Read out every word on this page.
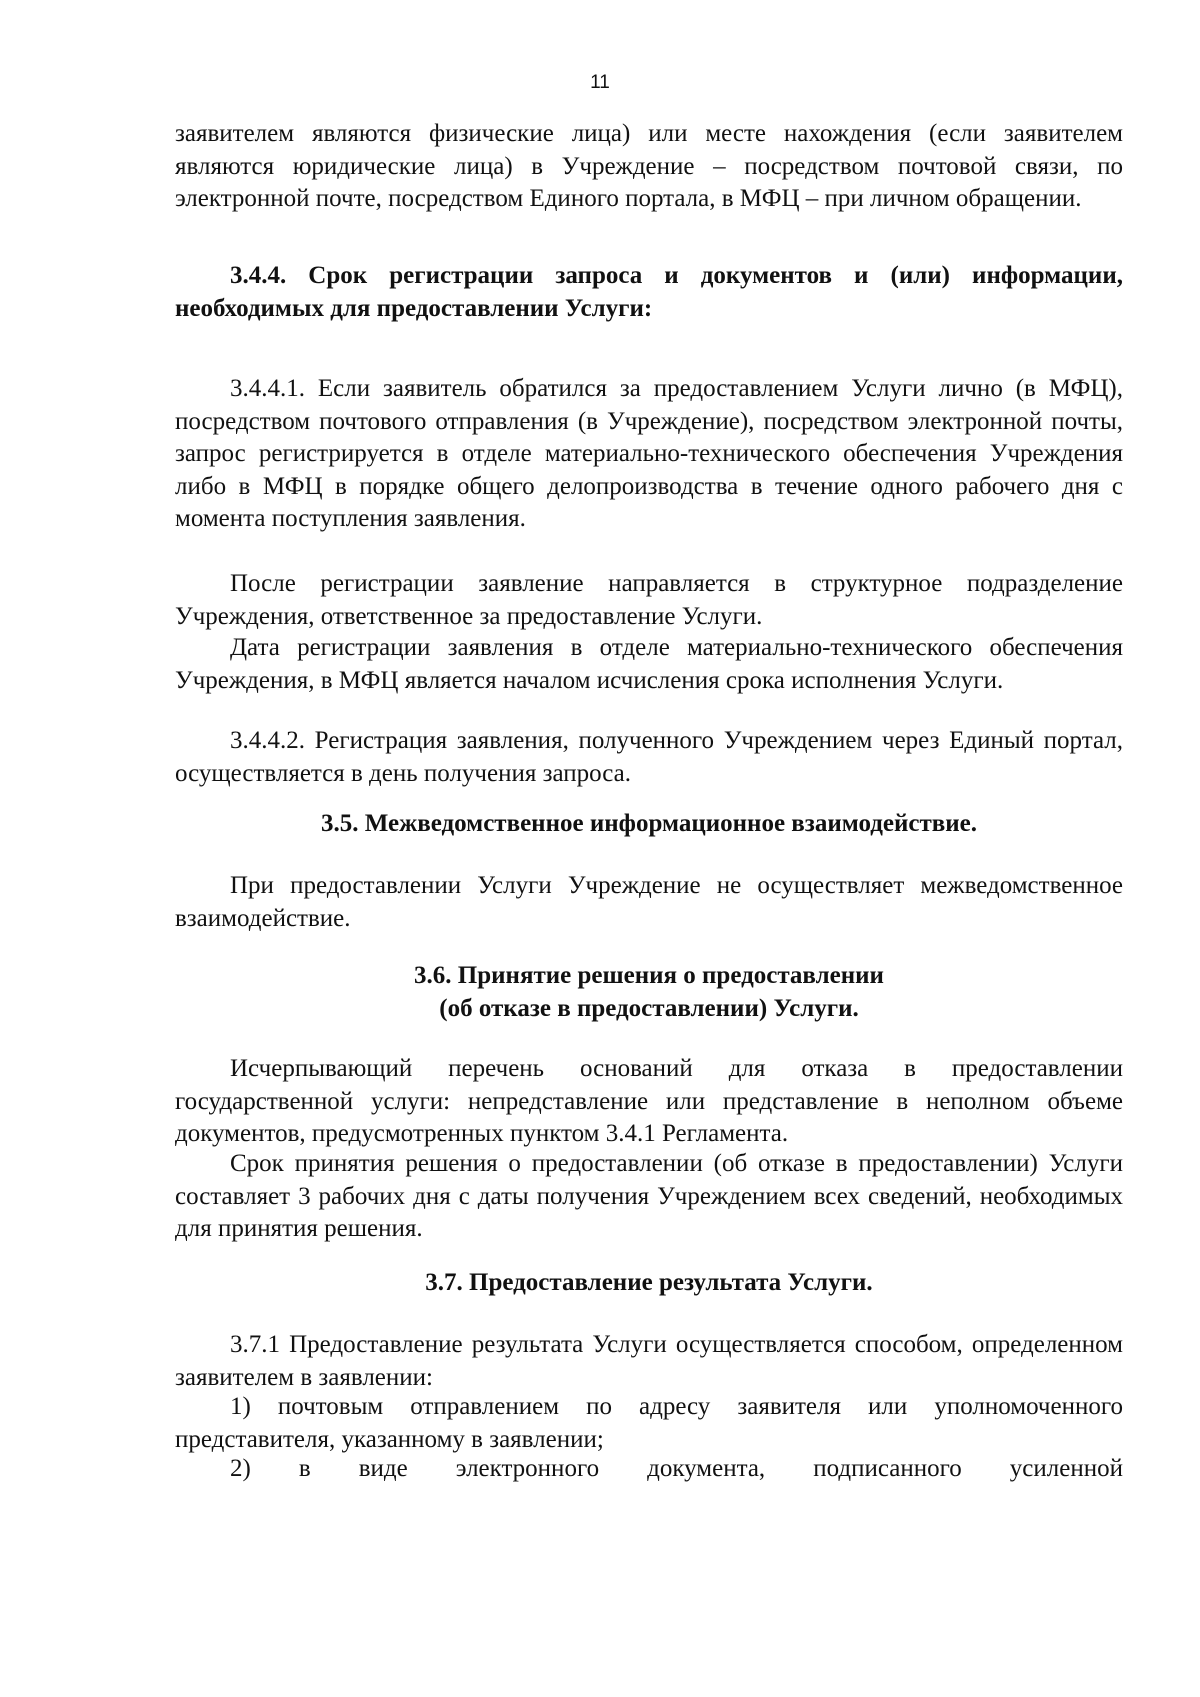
11

заявителем являются физические лица) или месте нахождения (если заявителем являются юридические лица) в Учреждение – посредством почтовой связи, по электронной почте, посредством Единого портала, в МФЦ – при личном обращении.

3.4.4. Срок регистрации запроса и документов и (или) информации, необходимых для предоставлении Услуги:

3.4.4.1. Если заявитель обратился за предоставлением Услуги лично (в МФЦ), посредством почтового отправления (в Учреждение), посредством электронной почты, запрос регистрируется в отделе материально-технического обеспечения Учреждения либо в МФЦ в порядке общего делопроизводства в течение одного рабочего дня с момента поступления заявления.

После регистрации заявление направляется в структурное подразделение Учреждения, ответственное за предоставление Услуги.

Дата регистрации заявления в отделе материально-технического обеспечения Учреждения, в МФЦ является началом исчисления срока исполнения Услуги.

3.4.4.2. Регистрация заявления, полученного Учреждением через Единый портал, осуществляется в день получения запроса.

3.5. Межведомственное информационное взаимодействие.

При предоставлении Услуги Учреждение не осуществляет межведомственное взаимодействие.

3.6. Принятие решения о предоставлении
(об отказе в предоставлении) Услуги.

Исчерпывающий перечень оснований для отказа в предоставлении государственной услуги: непредставление или представление в неполном объеме документов, предусмотренных пунктом 3.4.1 Регламента.

Срок принятия решения о предоставлении (об отказе в предоставлении) Услуги составляет 3 рабочих дня с даты получения Учреждением всех сведений, необходимых для принятия решения.

3.7. Предоставление результата Услуги.

3.7.1 Предоставление результата Услуги осуществляется способом, определенном заявителем в заявлении:

1) почтовым отправлением по адресу заявителя или уполномоченного представителя, указанному в заявлении;

2) в виде электронного документа, подписанного усиленной
